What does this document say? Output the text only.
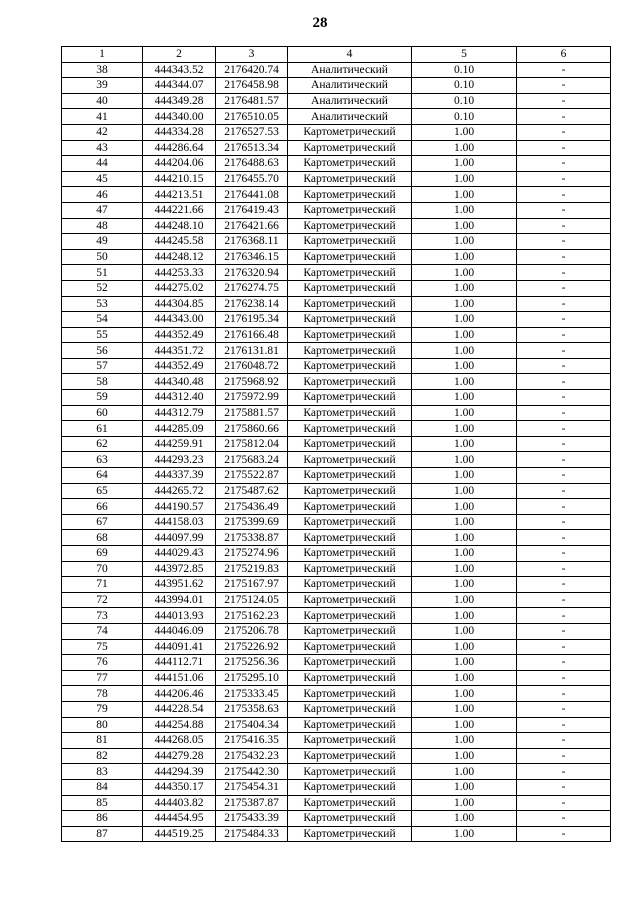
28
1	2	3	4	5	6
38	444343.52	2176420.74	Аналитический	0.10	-
39	444344.07	2176458.98	Аналитический	0.10	-
40	444349.28	2176481.57	Аналитический	0.10	-
41	444340.00	2176510.05	Аналитический	0.10	-
42	444334.28	2176527.53	Картометрический	1.00	-
43	444286.64	2176513.34	Картометрический	1.00	-
44	444204.06	2176488.63	Картометрический	1.00	-
45	444210.15	2176455.70	Картометрический	1.00	-
46	444213.51	2176441.08	Картометрический	1.00	-
47	444221.66	2176419.43	Картометрический	1.00	-
48	444248.10	2176421.66	Картометрический	1.00	-
49	444245.58	2176368.11	Картометрический	1.00	-
50	444248.12	2176346.15	Картометрический	1.00	-
51	444253.33	2176320.94	Картометрический	1.00	-
52	444275.02	2176274.75	Картометрический	1.00	-
53	444304.85	2176238.14	Картометрический	1.00	-
54	444343.00	2176195.34	Картометрический	1.00	-
55	444352.49	2176166.48	Картометрический	1.00	-
56	444351.72	2176131.81	Картометрический	1.00	-
57	444352.49	2176048.72	Картометрический	1.00	-
58	444340.48	2175968.92	Картометрический	1.00	-
59	444312.40	2175972.99	Картометрический	1.00	-
60	444312.79	2175881.57	Картометрический	1.00	-
61	444285.09	2175860.66	Картометрический	1.00	-
62	444259.91	2175812.04	Картометрический	1.00	-
63	444293.23	2175683.24	Картометрический	1.00	-
64	444337.39	2175522.87	Картометрический	1.00	-
65	444265.72	2175487.62	Картометрический	1.00	-
66	444190.57	2175436.49	Картометрический	1.00	-
67	444158.03	2175399.69	Картометрический	1.00	-
68	444097.99	2175338.87	Картометрический	1.00	-
69	444029.43	2175274.96	Картометрический	1.00	-
70	443972.85	2175219.83	Картометрический	1.00	-
71	443951.62	2175167.97	Картометрический	1.00	-
72	443994.01	2175124.05	Картометрический	1.00	-
73	444013.93	2175162.23	Картометрический	1.00	-
74	444046.09	2175206.78	Картометрический	1.00	-
75	444091.41	2175226.92	Картометрический	1.00	-
76	444112.71	2175256.36	Картометрический	1.00	-
77	444151.06	2175295.10	Картометрический	1.00	-
78	444206.46	2175333.45	Картометрический	1.00	-
79	444228.54	2175358.63	Картометрический	1.00	-
80	444254.88	2175404.34	Картометрический	1.00	-
81	444268.05	2175416.35	Картометрический	1.00	-
82	444279.28	2175432.23	Картометрический	1.00	-
83	444294.39	2175442.30	Картометрический	1.00	-
84	444350.17	2175454.31	Картометрический	1.00	-
85	444403.82	2175387.87	Картометрический	1.00	-
86	444454.95	2175433.39	Картометрический	1.00	-
87	444519.25	2175484.33	Картометрический	1.00	-
